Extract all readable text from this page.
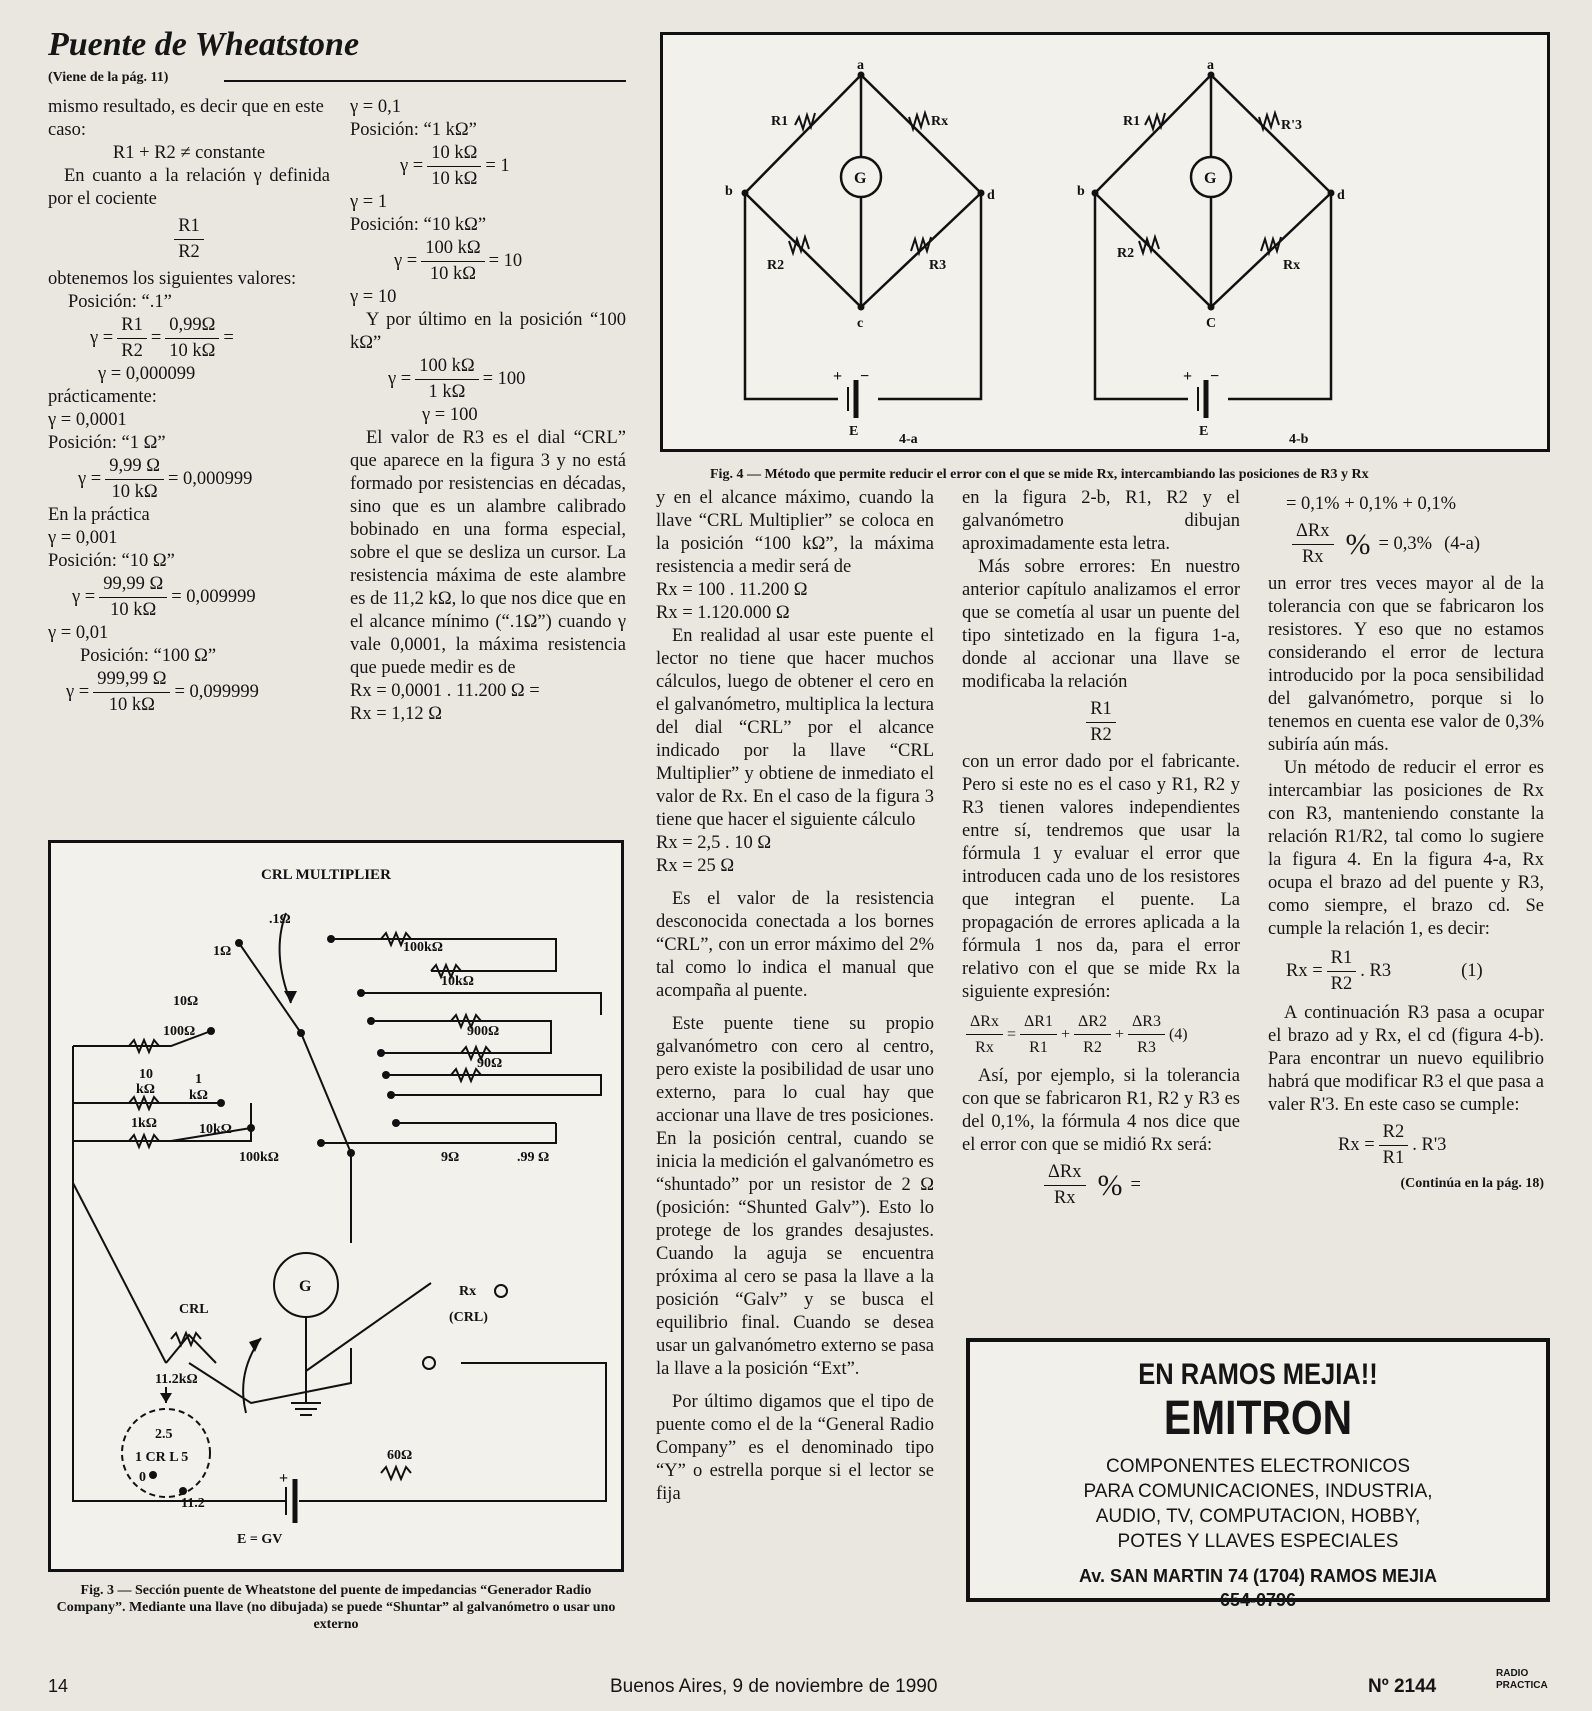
Puente de Wheatstone
(Viene de la pág. 11)

mismo resultado, es decir que en este caso:

R1 + R2 ≠ constante

En cuanto a la relación γ definida por el cociente

$\frac{R1}{R2}$

obtenemos los siguientes valores:

Posición: “.1”

$\gamma = \frac{R1}{R2} = \frac{0,99\Omega}{10 k\Omega}$ =

γ = 0,000099

prácticamente:

γ = 0,0001

Posición: “1 Ω”

$\gamma = \frac{9,99 \Omega}{10 k\Omega} = 0,000999$

En la práctica

γ = 0,001

Posición: “10 Ω”

$\gamma = \frac{99,99 \Omega}{10 k\Omega} = 0,009999$

γ = 0,01

Posición: “100 Ω”

$\gamma = \frac{999,99 \Omega}{10 k\Omega} = 0,099999$

γ = 0,1

Posición: “1 kΩ”

$\gamma = \frac{10 k\Omega}{10 k\Omega} = 1$

γ = 1

Posición: “10 kΩ”

$\gamma = \frac{100 k\Omega}{10 k\Omega} = 10$

γ = 10

Y por último en la posición “100 kΩ”

$\gamma = \frac{100 k\Omega}{1 k\Omega} = 100$

γ = 100

El valor de R3 es el dial “CRL” que aparece en la figura 3 y no está formado por resistencias en décadas, sino que es un alambre calibrado bobinado en una forma especial, sobre el que se desliza un cursor. La resistencia máxima de este alambre es de 11,2 kΩ, lo que nos dice que en el alcance mínimo (“.1Ω”) cuando γ vale 0,0001, la máxima resistencia que puede medir es de

Rx = 0,0001 . 11.200 Ω =

Rx = 1,12 Ω

a
b
c
d
R1	Rx
R2	R3
G
+ −
E
4-a
a
b
C
d
R1	R'3
R2
Rx
G
+ −
E
4-b
Fig. 4 — Método que permite reducir el error con el que se mide Rx, intercambiando las posiciones de R3 y Rx
CRL MULTIPLIER
.1Ω
1Ω
10Ω
100Ω
10
kΩ
1
kΩ
1kΩ	10kΩ
100kΩ
100kΩ
10kΩ
900Ω
90Ω
9Ω	.99 Ω
CRL
G	Rx
(CRL)
11.2kΩ
2.5
1 CR L 5
0
11.2
60Ω
+
E = GV
Fig. 3 — Sección puente de Wheatstone del puente de impedancias “Generador Radio Company”. Mediante una llave (no dibujada) se puede “Shuntar” al galvanómetro o usar uno externo

y en el alcance máximo, cuando la llave “CRL Multiplier” se coloca en la posición “100 kΩ”, la máxima resistencia a medir será de

Rx = 100 . 11.200 Ω

Rx = 1.120.000 Ω

En realidad al usar este puente el lector no tiene que hacer muchos cálculos, luego de obtener el cero en el galvanómetro, multiplica la lectura del dial “CRL” por el alcance indicado por la llave “CRL Multiplier” y obtiene de inmediato el valor de Rx. En el caso de la figura 3 tiene que hacer el siguiente cálculo

Rx = 2,5 . 10 Ω

Rx = 25 Ω

Es el valor de la resistencia desconocida conectada a los bornes “CRL”, con un error máximo del 2% tal como lo indica el manual que acompaña al puente.

Este puente tiene su propio galvanómetro con cero al centro, pero existe la posibilidad de usar uno externo, para lo cual hay que accionar una llave de tres posiciones. En la posición central, cuando se inicia la medición el galvanómetro es “shuntado” por un resistor de 2 Ω (posición: “Shunted Galv”). Esto lo protege de los grandes desajustes. Cuando la aguja se encuentra próxima al cero se pasa la llave a la posición “Galv” y se busca el equilibrio final. Cuando se desea usar un galvanómetro externo se pasa la llave a la posición “Ext”.

Por último digamos que el tipo de puente como el de la “General Radio Company” es el denominado tipo “Y” o estrella porque si el lector se fija

en la figura 2-b, R1, R2 y el galvanómetro dibujan aproximadamente esta letra.

Más sobre errores: En nuestro anterior capítulo analizamos el error que se cometía al usar un puente del tipo sintetizado en la figura 1-a, donde al accionar una llave se modificaba la relación

$\frac{R1}{R2}$

con un error dado por el fabricante. Pero si este no es el caso y R1, R2 y R3 tienen valores independientes entre sí, tendremos que usar la fórmula 1 y evaluar el error que introducen cada uno de los resistores que integran el puente. La propagación de errores aplicada a la fórmula 1 nos da, para el error relativo con el que se mide Rx la siguiente expresión:

$\frac{\text{ΔRx}}{Rx} = \frac{\Delta R1}{R1} + \frac{\Delta R2}{R2} + \frac{\Delta R3}{R3} (4)$

Así, por ejemplo, si la tolerancia con que se fabricaron R1, R2 y R3 es del 0,1%, la fórmula 4 nos dice que el error con que se midió Rx será:

$\frac{\text{ΔRx}}{Rx}$ % =

= 0,1% + 0,1% + 0,1%

$\frac{\text{ΔRx}}{Rx}$ % = 0,3% (4-a)

un error tres veces mayor al de la tolerancia con que se fabricaron los resistores. Y eso que no estamos considerando el error de lectura introducido por la poca sensibilidad del galvanómetro, porque si lo tenemos en cuenta ese valor de 0,3% subiría aún más.

Un método de reducir el error es intercambiar las posiciones de Rx con R3, manteniendo constante la relación R1/R2, tal como lo sugiere la figura 4. En la figura 4-a, Rx ocupa el brazo ad del puente y R3, como siempre, el brazo cd. Se cumple la relación 1, es decir:

$Rx = \frac{R1}{R2}$ . R3	(1)

A continuación R3 pasa a ocupar el brazo ad y Rx, el cd (figura 4-b). Para encontrar un nuevo equilibrio habrá que modificar R3 el que pasa a valer R'3. En este caso se cumple:

$Rx = \frac{R2}{R1}$ . R'3

(Continúa en la pág. 18)

EN RAMOS MEJIA!!
EMITRON
COMPONENTES ELECTRONICOS
PARA COMUNICACIONES, INDUSTRIA,
AUDIO, TV, COMPUTACION, HOBBY,
POTES Y LLAVES ESPECIALES
Av. SAN MARTIN 74 (1704) RAMOS MEJIA
654-0796
14	Buenos Aires, 9 de noviembre de 1990	Nº 2144
RADIO
PRACTICA
